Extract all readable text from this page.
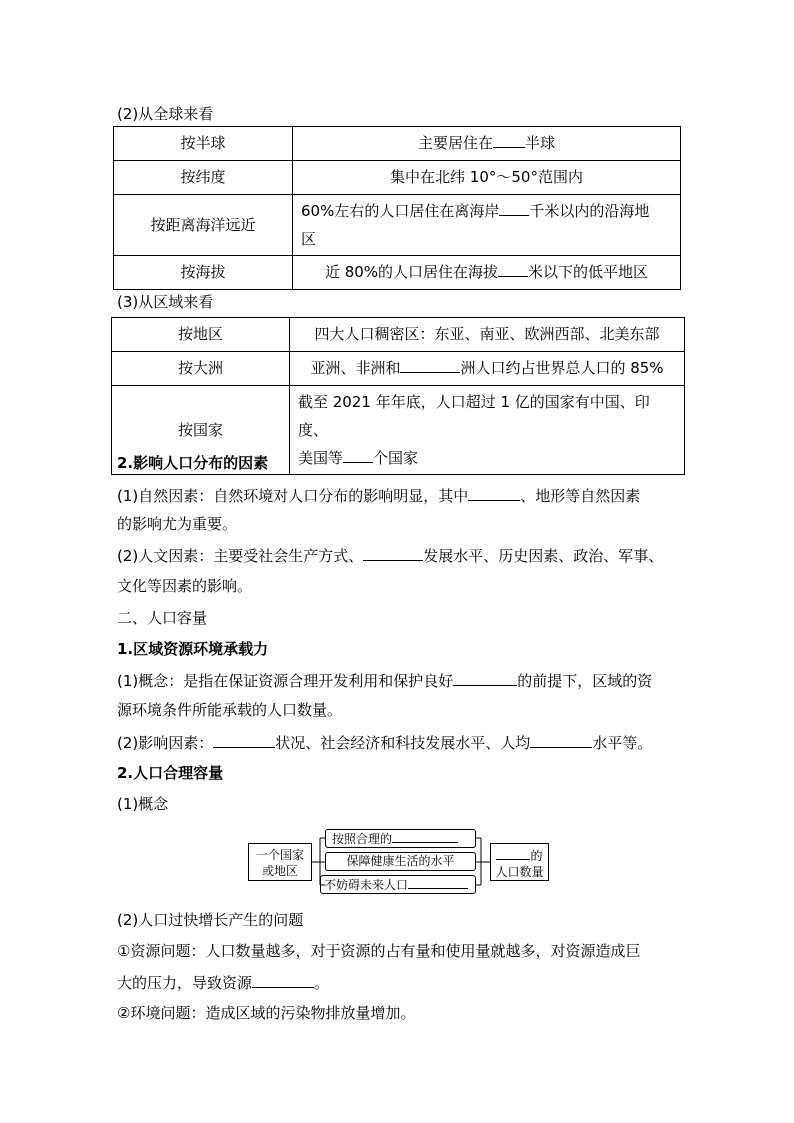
(2)从全球来看
按半球	主要居住在 半球
按纬度	集中在北纬 10°～50°范围内
按距离海洋远近	60%左右的人口居住在离海岸 千米以内的沿海地
区
按海拔	近 80%的人口居住在海拔 米以下的低平地区
(3)从区域来看
按地区	四大人口稠密区：东亚、南亚、欧洲西部、北美东部
按大洲	亚洲、非洲和 洲人口约占世界总人口的 85%
按国家	截至 2021 年年底，人口超过 1 亿的国家有中国、印度、
美国等 个国家
2.影响人口分布的因素
(1)自然因素：自然环境对人口分布的影响明显，其中	、地形等自然因素
的影响尤为重要。
(2)人文因素：主要受社会生产方式、	发展水平、历史因素、政治、军事、
文化等因素的影响。
二、人口容量
1.区域资源环境承载力
(1)概念：是指在保证资源合理开发利用和保护良好	的前提下，区域的资
源环境条件所能承载的人口数量。
(2)影响因素：	状况、社会经济和科技发展水平、人均	水平等。
2.人口合理容量
(1)概念
一个国家
或地区
按照合理的
保障健康生活的水平
不妨碍未来人口
的
人口数量
(2)人口过快增长产生的问题
①资源问题：人口数量越多，对于资源的占有量和使用量就越多，对资源造成巨
大的压力，导致资源	。
②环境问题：造成区域的污染物排放量增加。
